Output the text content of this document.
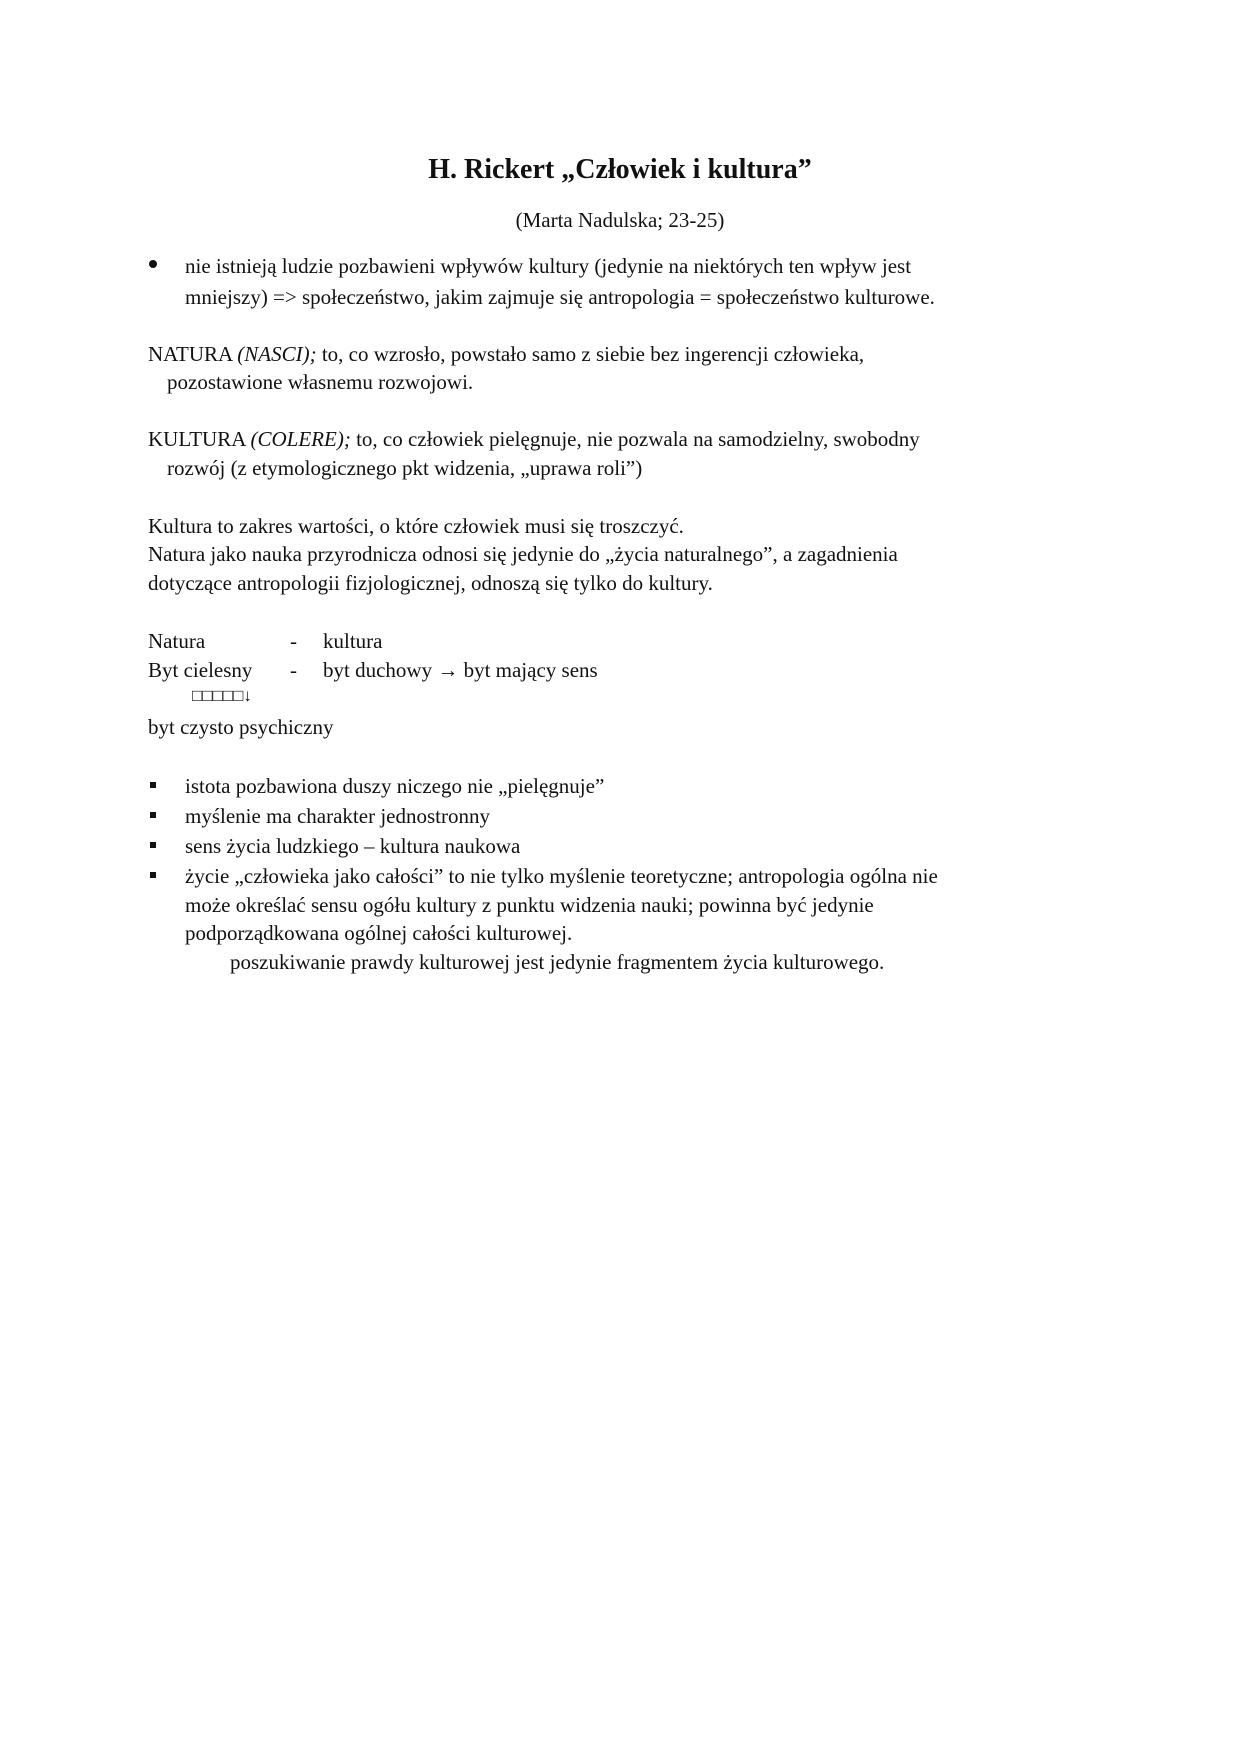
H. Rickert „Człowiek i kultura”
(Marta Nadulska; 23-25)
nie istnieją ludzie pozbawieni wpływów kultury (jedynie na niektórych ten wpływ jest
mniejszy) => społeczeństwo, jakim zajmuje się antropologia = społeczeństwo kulturowe.
NATURA (NASCI); to, co wzrosło, powstało samo z siebie bez ingerencji człowieka,
pozostawione własnemu rozwojowi.
KULTURA (COLERE); to, co człowiek pielęgnuje, nie pozwala na samodzielny, swobodny
rozwój (z etymologicznego pkt widzenia, „uprawa roli”)
Kultura to zakres wartości, o które człowiek musi się troszczyć.
Natura jako nauka przyrodnicza odnosi się jedynie do „życia naturalnego”, a zagadnienia
dotyczące antropologii fizjologicznej, odnoszą się tylko do kultury.
Natura	- kultura
Byt cielesny - byt duchowy → byt mający sens
□□□□□↓
byt czysto psychiczny
istota pozbawiona duszy niczego nie „pielęgnuje”
myślenie ma charakter jednostronny
sens życia ludzkiego – kultura naukowa
życie „człowieka jako całości” to nie tylko myślenie teoretyczne; antropologia ogólna nie
może określać sensu ogółu kultury z punktu widzenia nauki; powinna być jedynie
podporządkowana ogólnej całości kulturowej.
poszukiwanie prawdy kulturowej jest jedynie fragmentem życia kulturowego.
